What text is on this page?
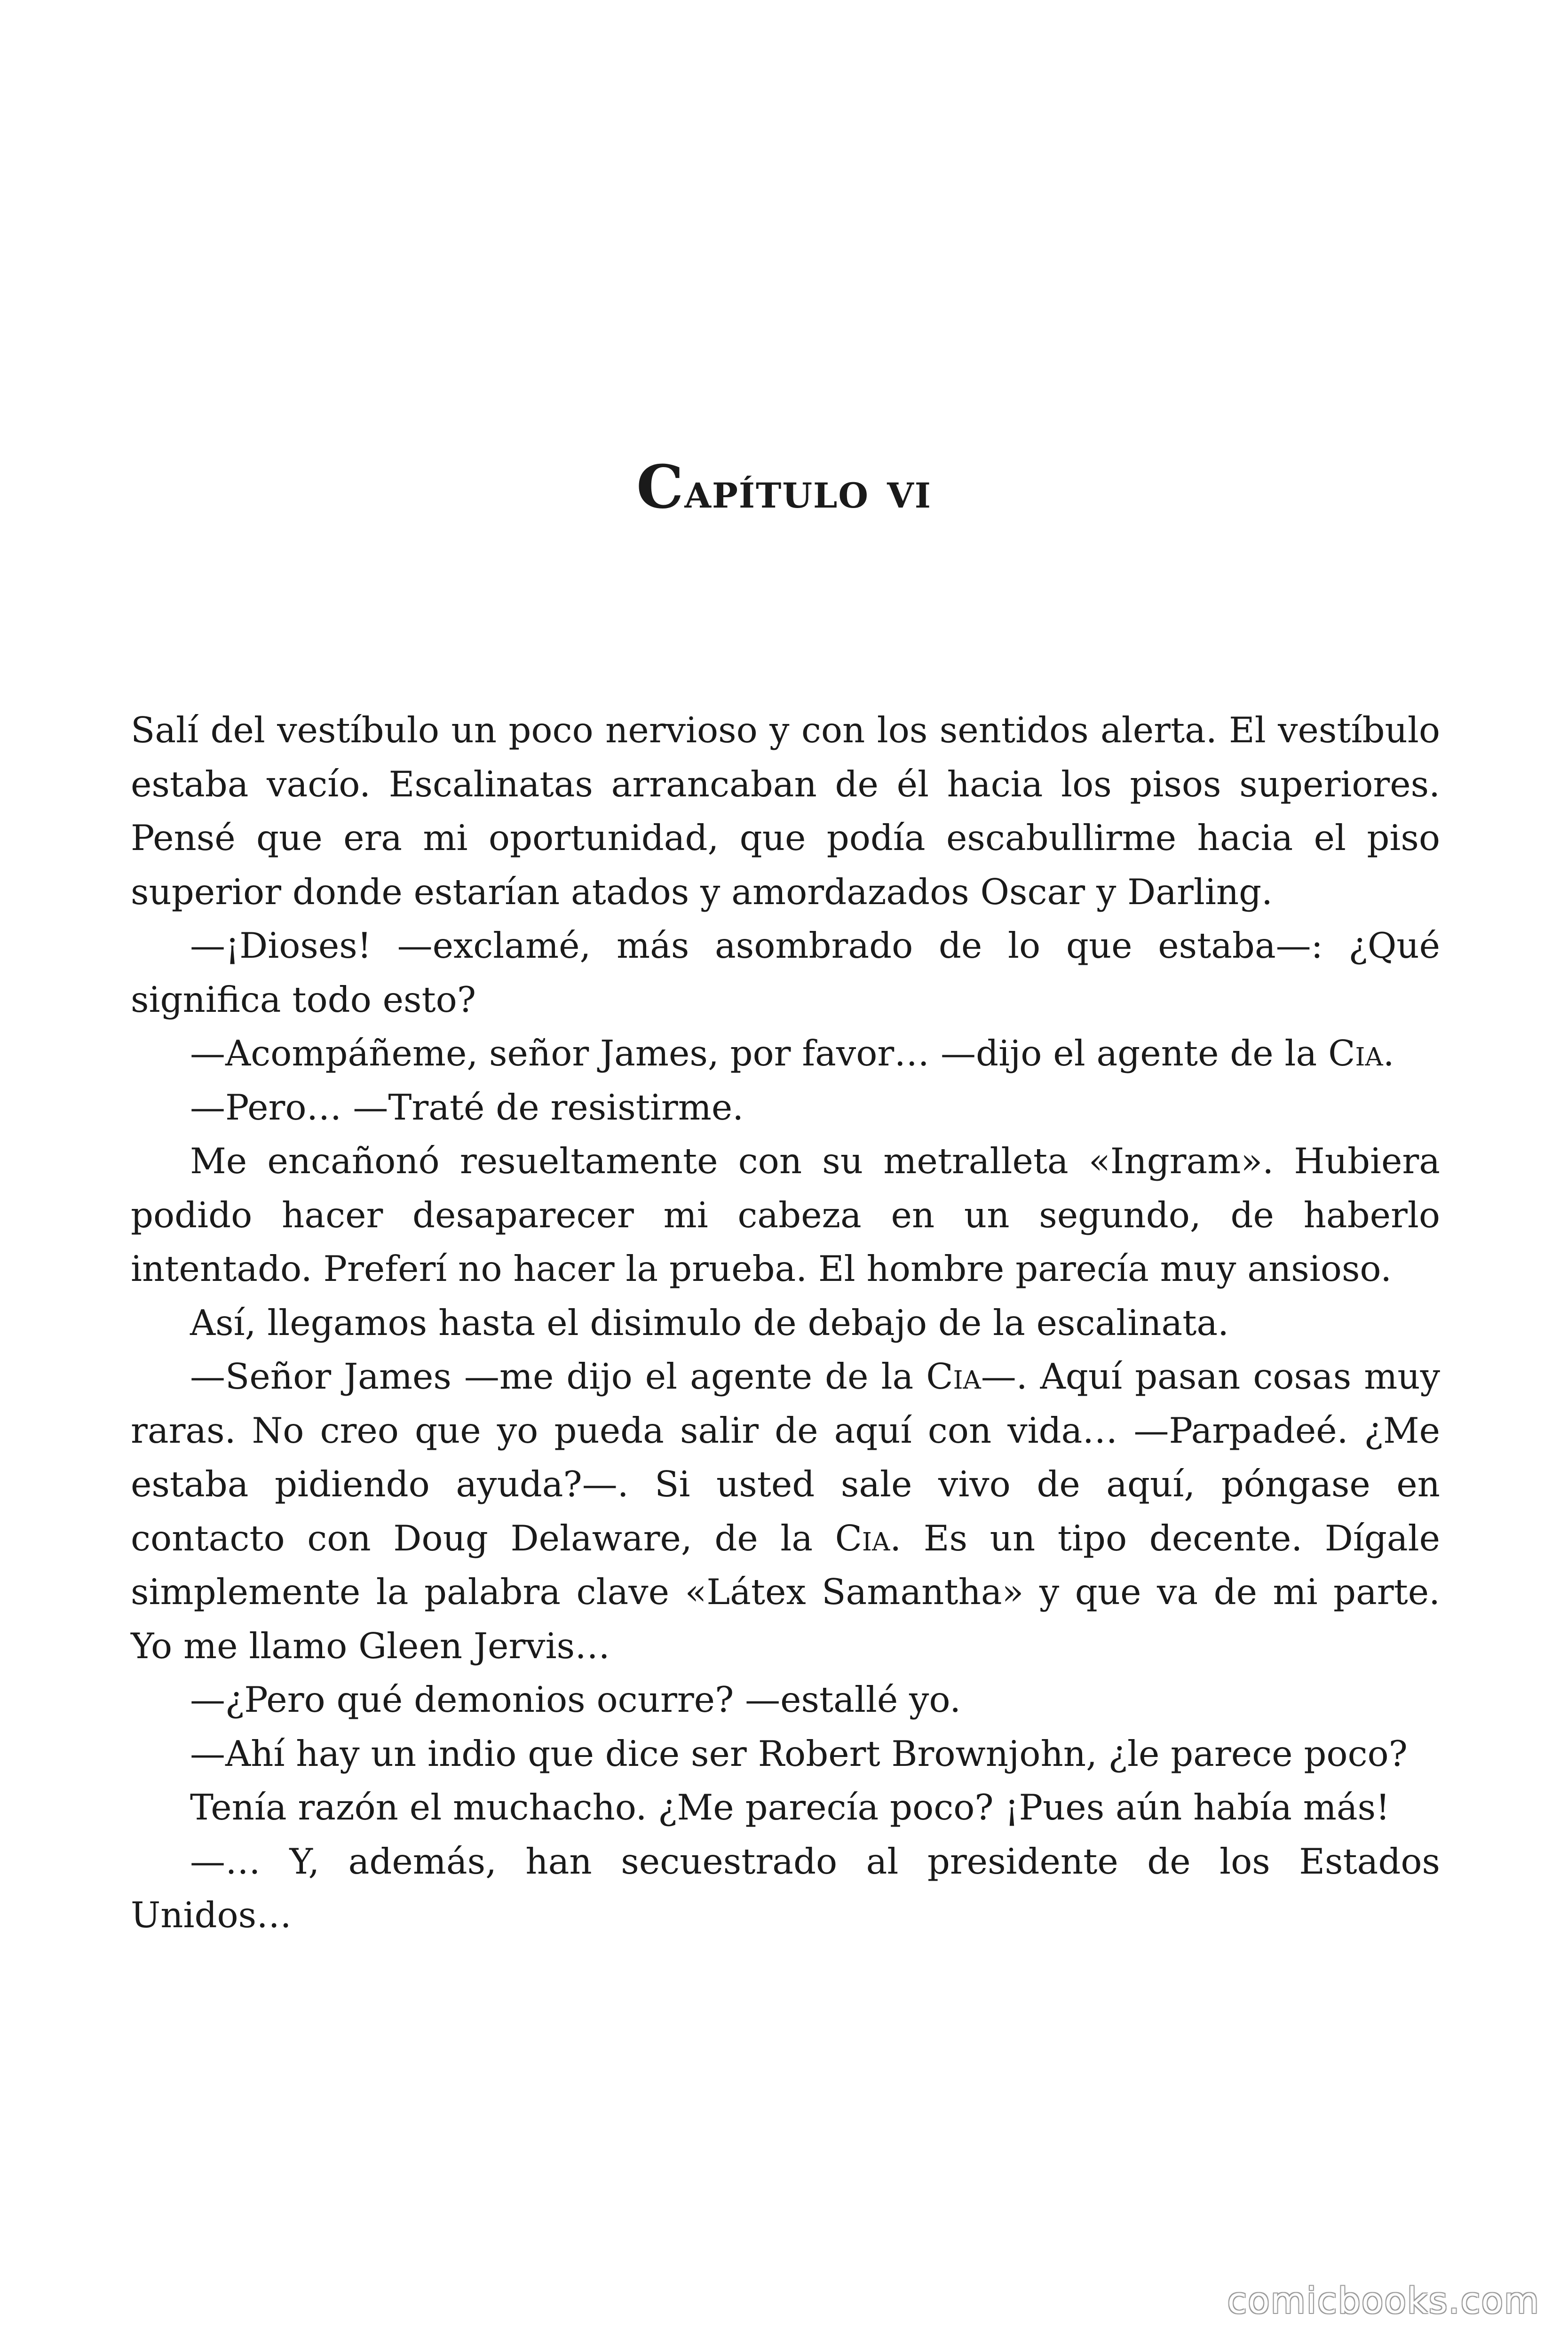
Capítulo vi

Salí del vestíbulo un poco nervioso y con los sentidos alerta. El vestíbulo estaba vacío. Escalinatas arrancaban de él hacia los pisos superiores. Pensé que era mi oportunidad, que podía escabullirme hacia el piso superior donde estarían atados y amordazados Oscar y Darling.

—¡Dioses! —exclamé, más asombrado de lo que estaba—: ¿Qué significa todo esto?

—Acompáñeme, señor James, por favor… —dijo el agente de la Cia.

—Pero… —Traté de resistirme.

Me encañonó resueltamente con su metralleta «Ingram». Hubiera podido hacer desaparecer mi cabeza en un segundo, de haberlo intentado. Preferí no hacer la prueba. El hombre parecía muy ansioso.

Así, llegamos hasta el disimulo de debajo de la escalinata.

—Señor James —me dijo el agente de la Cia—. Aquí pasan cosas muy raras. No creo que yo pueda salir de aquí con vida… —Parpadeé. ¿Me estaba pidiendo ayuda?—. Si usted sale vivo de aquí, póngase en contacto con Doug Delaware, de la Cia. Es un tipo decente. Dígale simplemente la palabra clave «Látex Samantha» y que va de mi parte. Yo me llamo Gleen Jervis…

—¿Pero qué demonios ocurre? —estallé yo.

—Ahí hay un indio que dice ser Robert Brownjohn, ¿le parece poco?

Tenía razón el muchacho. ¿Me parecía poco? ¡Pues aún había más!

—… Y, además, han secuestrado al presidente de los Estados Unidos…

comicbooks.com
